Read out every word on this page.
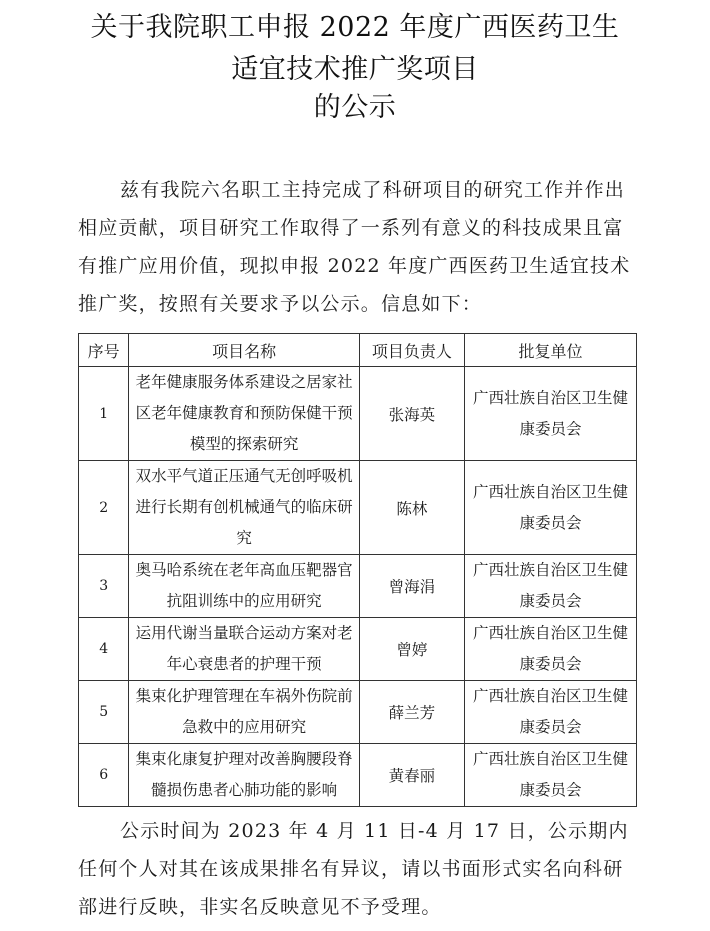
关于我院职工申报 2022 年度广西医药卫生
适宜技术推广奖项目
的公示
兹有我院六名职工主持完成了科研项目的研究工作并作出相应贡献，项目研究工作取得了一系列有意义的科技成果且富有推广应用价值，现拟申报 2022 年度广西医药卫生适宜技术推广奖，按照有关要求予以公示。信息如下：
序号	项目名称	项目负责人	批复单位
1	老年健康服务体系建设之居家社区老年健康教育和预防保健干预模型的探索研究	张海英	广西壮族自治区卫生健康委员会
2	双水平气道正压通气无创呼吸机进行长期有创机械通气的临床研究	陈林	广西壮族自治区卫生健康委员会
3	奥马哈系统在老年高血压靶器官抗阻训练中的应用研究	曾海涓	广西壮族自治区卫生健康委员会
4	运用代谢当量联合运动方案对老年心衰患者的护理干预	曾婷	广西壮族自治区卫生健康委员会
5	集束化护理管理在车祸外伤院前急救中的应用研究	薛兰芳	广西壮族自治区卫生健康委员会
6	集束化康复护理对改善胸腰段脊髓损伤患者心肺功能的影响	黄春丽	广西壮族自治区卫生健康委员会
公示时间为 2023 年 4 月 11 日-4 月 17 日，公示期内任何个人对其在该成果排名有异议，请以书面形式实名向科研部进行反映，非实名反映意见不予受理。
